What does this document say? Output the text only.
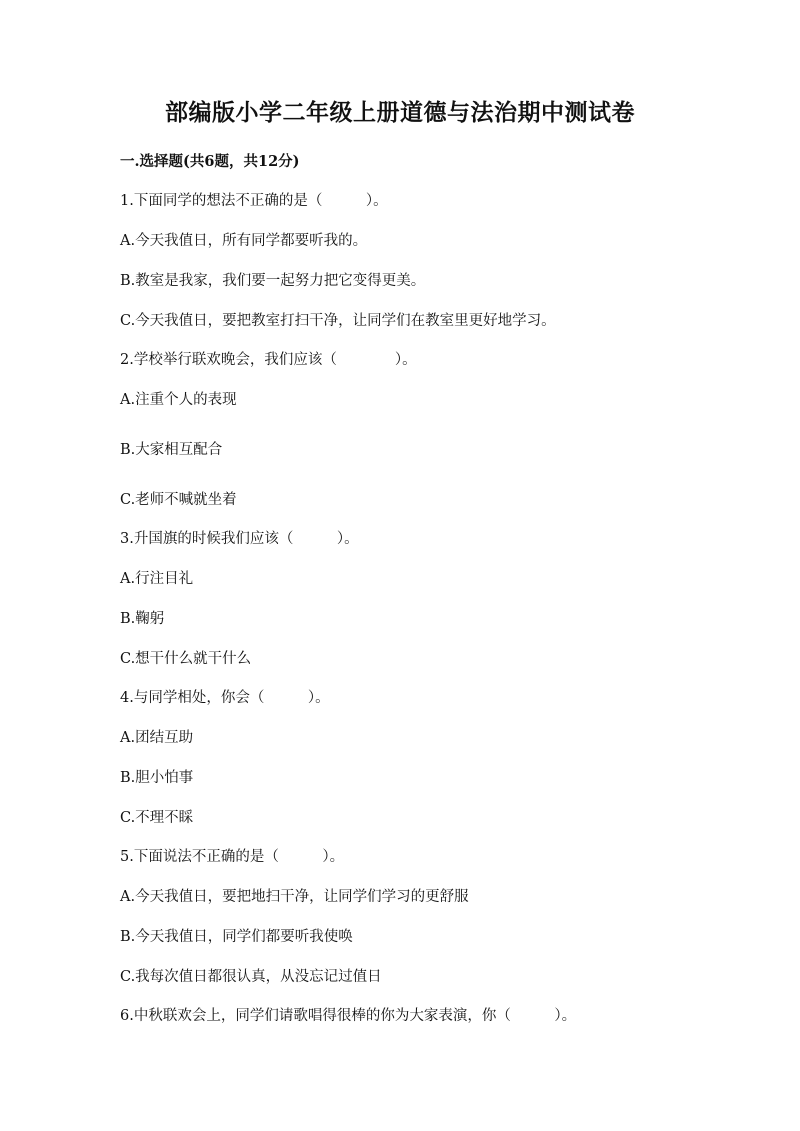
部编版小学二年级上册道德与法治期中测试卷
一.选择题(共6题，共12分)
1.下面同学的想法不正确的是（　　　）。
A.今天我值日，所有同学都要听我的。
B.教室是我家，我们要一起努力把它变得更美。
C.今天我值日，要把教室打扫干净，让同学们在教室里更好地学习。
2.学校举行联欢晚会，我们应该（　　　　）。
A.注重个人的表现
B.大家相互配合
C.老师不喊就坐着
3.升国旗的时候我们应该（　　　）。
A.行注目礼
B.鞠躬
C.想干什么就干什么
4.与同学相处，你会（　　　）。
A.团结互助
B.胆小怕事
C.不理不睬
5.下面说法不正确的是（　　　）。
A.今天我值日，要把地扫干净，让同学们学习的更舒服
B.今天我值日，同学们都要听我使唤
C.我每次值日都很认真，从没忘记过值日
6.中秋联欢会上，同学们请歌唱得很棒的你为大家表演，你（　　　）。
